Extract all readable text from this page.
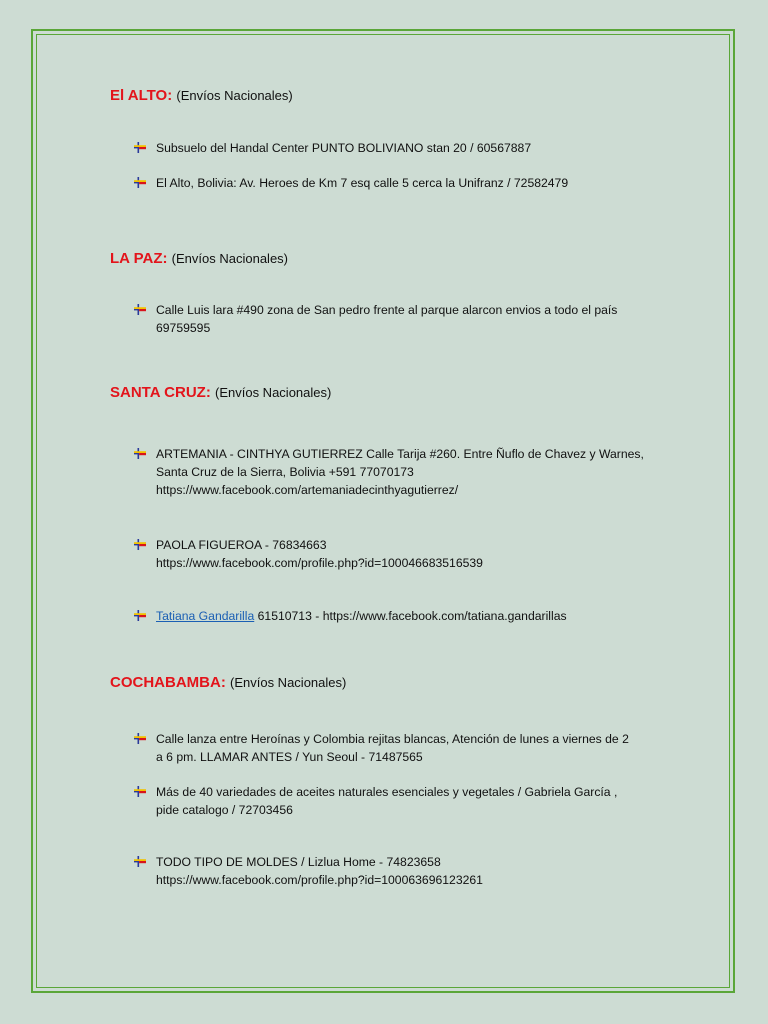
El ALTO: (Envíos Nacionales)
Subsuelo del Handal Center PUNTO BOLIVIANO stan 20 / 60567887
El Alto, Bolivia: Av. Heroes de Km 7 esq calle 5 cerca la Unifranz / 72582479
LA PAZ: (Envíos Nacionales)
Calle Luis lara #490 zona de San pedro frente al parque alarcon envios a todo el país
69759595
SANTA CRUZ: (Envíos Nacionales)
ARTEMANIA - CINTHYA GUTIERREZ Calle Tarija #260. Entre Ñuflo de Chavez y Warnes,
Santa Cruz de la Sierra, Bolivia +591 77070173
https://www.facebook.com/artemaniadecinthyagutierrez/
PAOLA FIGUEROA - 76834663
https://www.facebook.com/profile.php?id=100046683516539
Tatiana Gandarilla 61510713 - https://www.facebook.com/tatiana.gandarillas
COCHABAMBA: (Envíos Nacionales)
Calle lanza entre Heroínas y Colombia rejitas blancas, Atención de lunes a viernes de 2
a 6 pm. LLAMAR ANTES / Yun Seoul - 71487565
Más de 40 variedades de aceites naturales esenciales y vegetales / Gabriela García ,
pide catalogo / 72703456
TODO TIPO DE MOLDES / Lizlua Home - 74823658
https://www.facebook.com/profile.php?id=100063696123261
